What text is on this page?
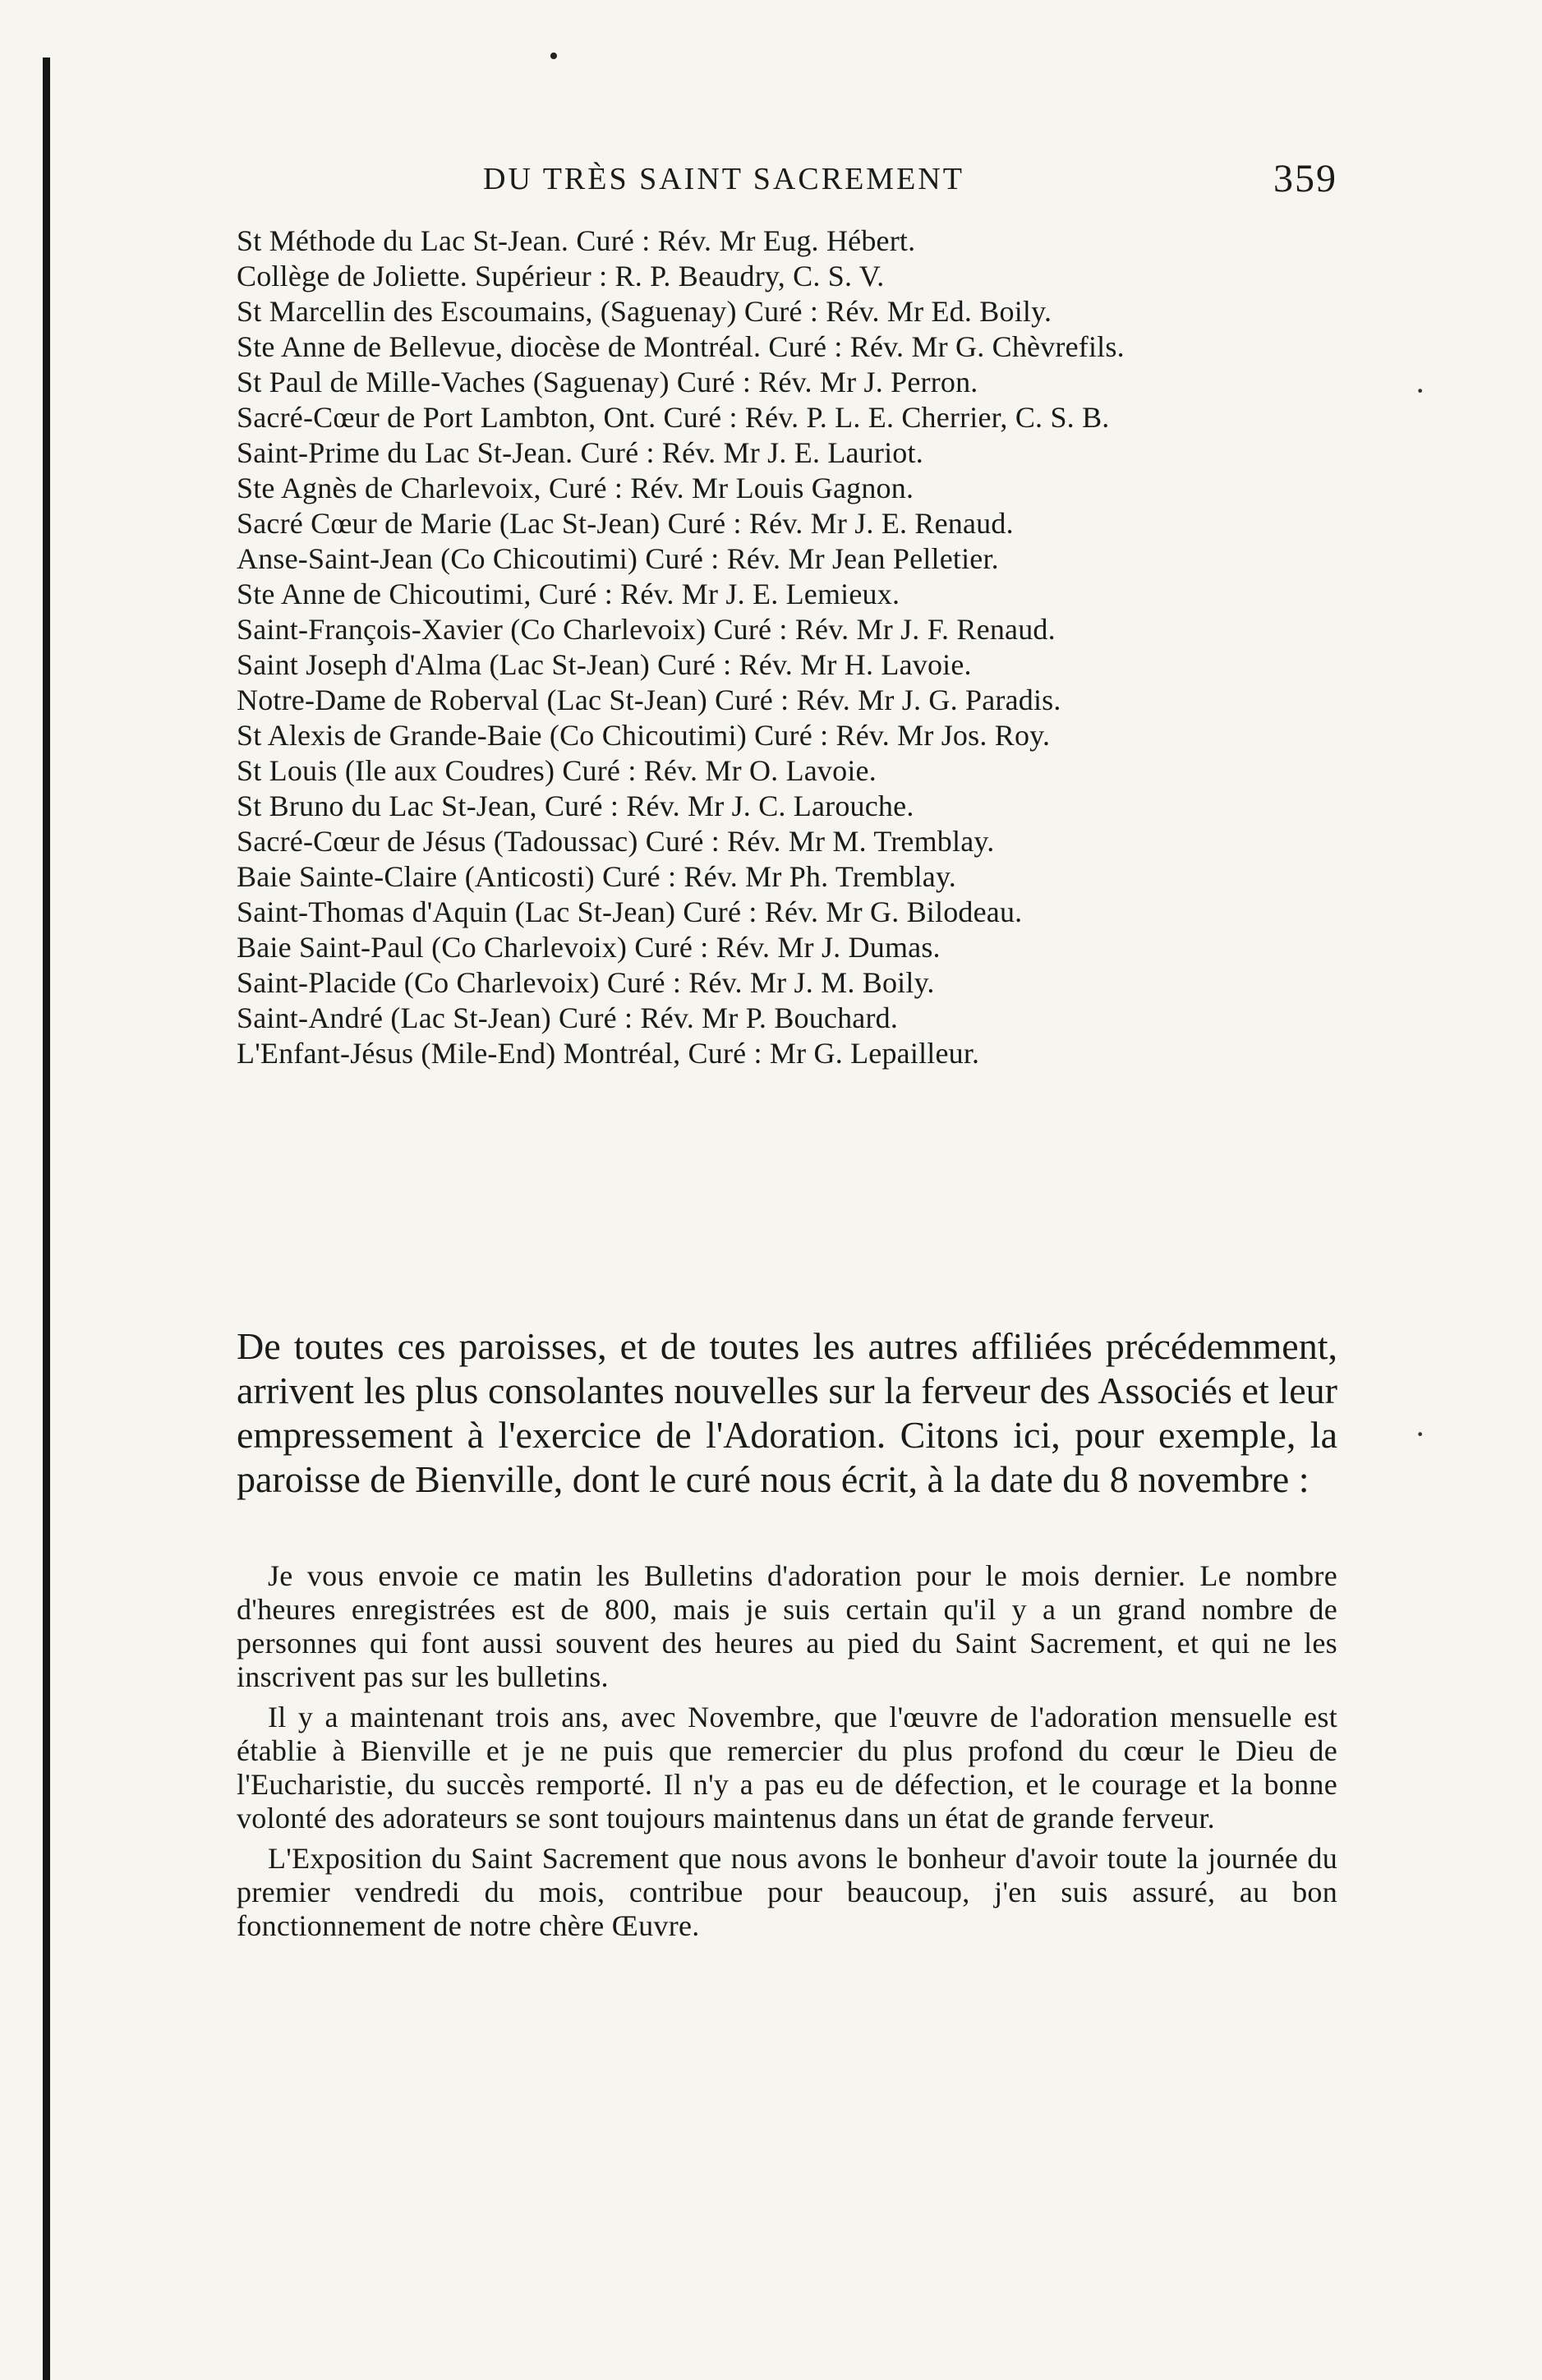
•
·
·
DU TRÈS SAINT SACREMENT	359
St Méthode du Lac St-Jean. Curé : Rév. Mr Eug. Hébert.
Collège de Joliette. Supérieur : R. P. Beaudry, C. S. V.
St Marcellin des Escoumains, (Saguenay) Curé : Rév. Mr Ed. Boily.
Ste Anne de Bellevue, diocèse de Montréal. Curé : Rév. Mr G. Chèvrefils.
St Paul de Mille-Vaches (Saguenay) Curé : Rév. Mr J. Perron.
Sacré-Cœur de Port Lambton, Ont. Curé : Rév. P. L. E. Cherrier, C. S. B.
Saint-Prime du Lac St-Jean. Curé : Rév. Mr J. E. Lauriot.
Ste Agnès de Charlevoix, Curé : Rév. Mr Louis Gagnon.
Sacré Cœur de Marie (Lac St-Jean) Curé : Rév. Mr J. E. Renaud.
Anse-Saint-Jean (Co Chicoutimi) Curé : Rév. Mr Jean Pelletier.
Ste Anne de Chicoutimi, Curé : Rév. Mr J. E. Lemieux.
Saint-François-Xavier (Co Charlevoix) Curé : Rév. Mr J. F. Renaud.
Saint Joseph d'Alma (Lac St-Jean) Curé : Rév. Mr H. Lavoie.
Notre-Dame de Roberval (Lac St-Jean) Curé : Rév. Mr J. G. Paradis.
St Alexis de Grande-Baie (Co Chicoutimi) Curé : Rév. Mr Jos. Roy.
St Louis (Ile aux Coudres) Curé : Rév. Mr O. Lavoie.
St Bruno du Lac St-Jean, Curé : Rév. Mr J. C. Larouche.
Sacré-Cœur de Jésus (Tadoussac) Curé : Rév. Mr M. Tremblay.
Baie Sainte-Claire (Anticosti) Curé : Rév. Mr Ph. Tremblay.
Saint-Thomas d'Aquin (Lac St-Jean) Curé : Rév. Mr G. Bilodeau.
Baie Saint-Paul (Co Charlevoix) Curé : Rév. Mr J. Dumas.
Saint-Placide (Co Charlevoix) Curé : Rév. Mr J. M. Boily.
Saint-André (Lac St-Jean) Curé : Rév. Mr P. Bouchard.
L'Enfant-Jésus (Mile-End) Montréal, Curé : Mr G. Lepailleur.

De toutes ces paroisses, et de toutes les autres affiliées précédemment, arrivent les plus consolantes nouvelles sur la ferveur des Associés et leur empressement à l'exercice de l'Adoration. Citons ici, pour exemple, la paroisse de Bienville, dont le curé nous écrit, à la date du 8 novembre :

Je vous envoie ce matin les Bulletins d'adoration pour le mois dernier. Le nombre d'heures enregistrées est de 800, mais je suis certain qu'il y a un grand nombre de personnes qui font aussi souvent des heures au pied du Saint Sacrement, et qui ne les inscrivent pas sur les bulletins.

Il y a maintenant trois ans, avec Novembre, que l'œuvre de l'adoration mensuelle est établie à Bienville et je ne puis que remercier du plus profond du cœur le Dieu de l'Eucharistie, du succès remporté. Il n'y a pas eu de défection, et le courage et la bonne volonté des adorateurs se sont toujours maintenus dans un état de grande ferveur.

L'Exposition du Saint Sacrement que nous avons le bonheur d'avoir toute la journée du premier vendredi du mois, contribue pour beaucoup, j'en suis assuré, au bon fonctionnement de notre chère Œuvre.
